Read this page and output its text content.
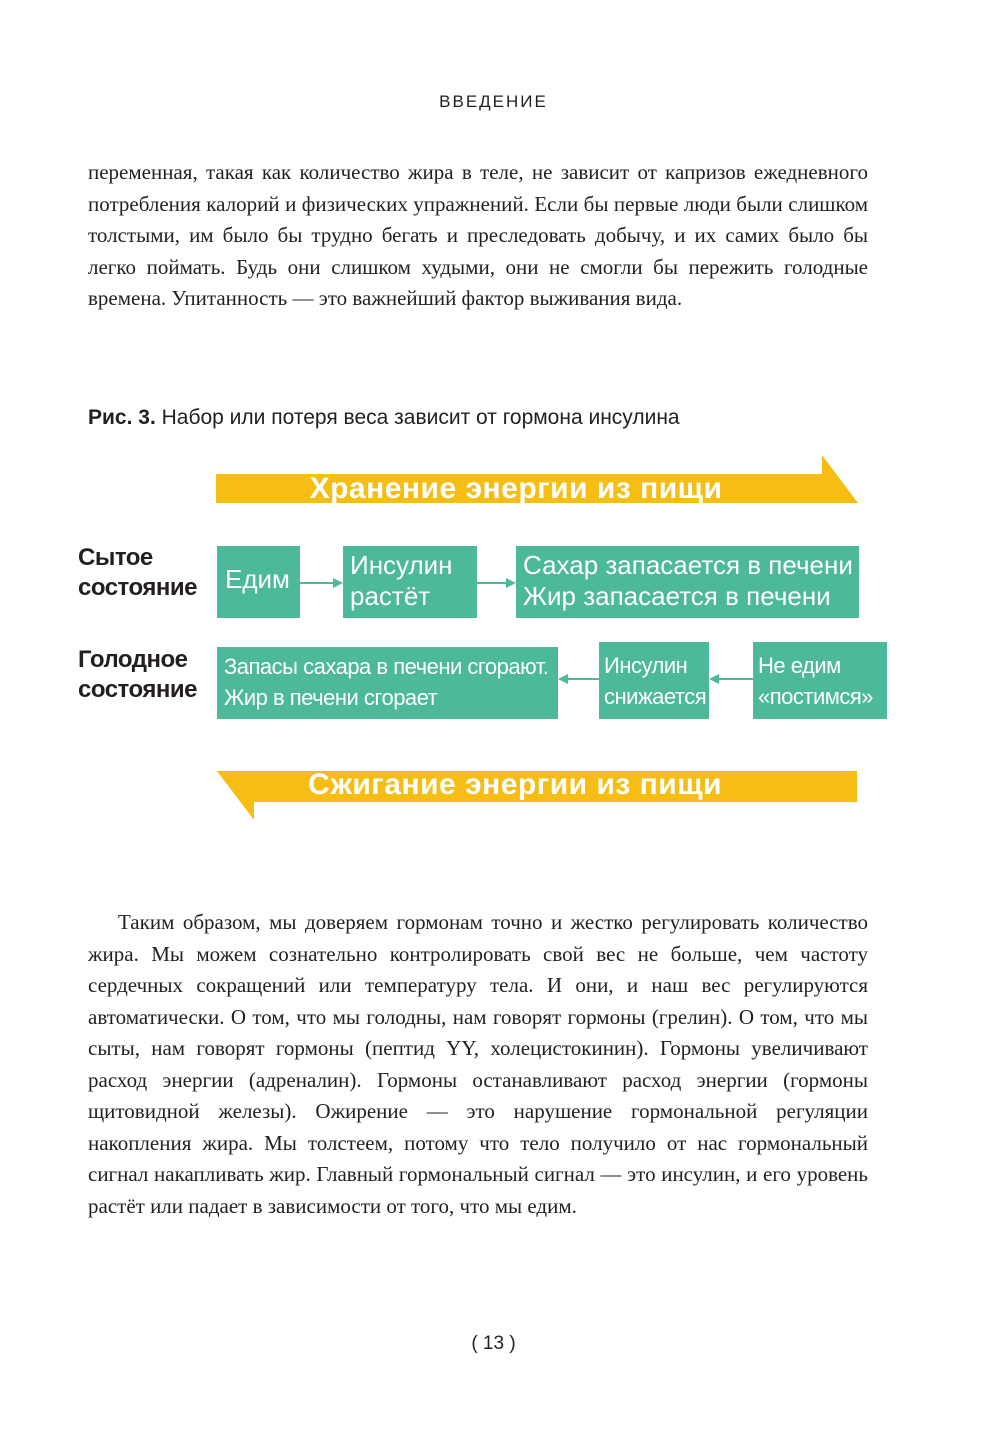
ВВЕДЕНИЕ

переменная, такая как количество жира в теле, не зависит от капризов ежедневного потребления калорий и физических упражнений. Если бы первые люди были слишком толстыми, им было бы трудно бегать и преследовать добычу, и их самих было бы легко поймать. Будь они слишком худыми, они не смогли бы пережить голодные времена. Упитанность — это важнейший фактор выживания вида.

Рис. 3. Набор или потеря веса зависит от гормона инсулина
Хранение энергии из пищи
Сжигание энергии из пищи
Сытое
состояние Едим	Инсулин
растёт
Сахар запасается в печени
Жир запасается в печени
Голодное
состояние
Запасы сахара в печени сгорают.
Жир в печени сгорает
Инсулин
снижается
Не едим
«постимся»

Таким образом, мы доверяем гормонам точно и жестко регулировать количество жира. Мы можем сознательно контролировать свой вес не больше, чем частоту сердечных сокращений или температуру тела. И они, и наш вес регулируются автоматически. О том, что мы голодны, нам говорят гормоны (грелин). О том, что мы сыты, нам говорят гормоны (пептид YY, холецистокинин). Гормоны увеличивают расход энергии (адреналин). Гормоны останавливают расход энергии (гормоны щитовидной железы). Ожирение — это нарушение гормональной регуляции накопления жира. Мы толстеем, потому что тело получило от нас гормональный сигнал накапливать жир. Главный гормональный сигнал — это инсулин, и его уровень растёт или падает в зависимости от того, что мы едим.

( 13 )
